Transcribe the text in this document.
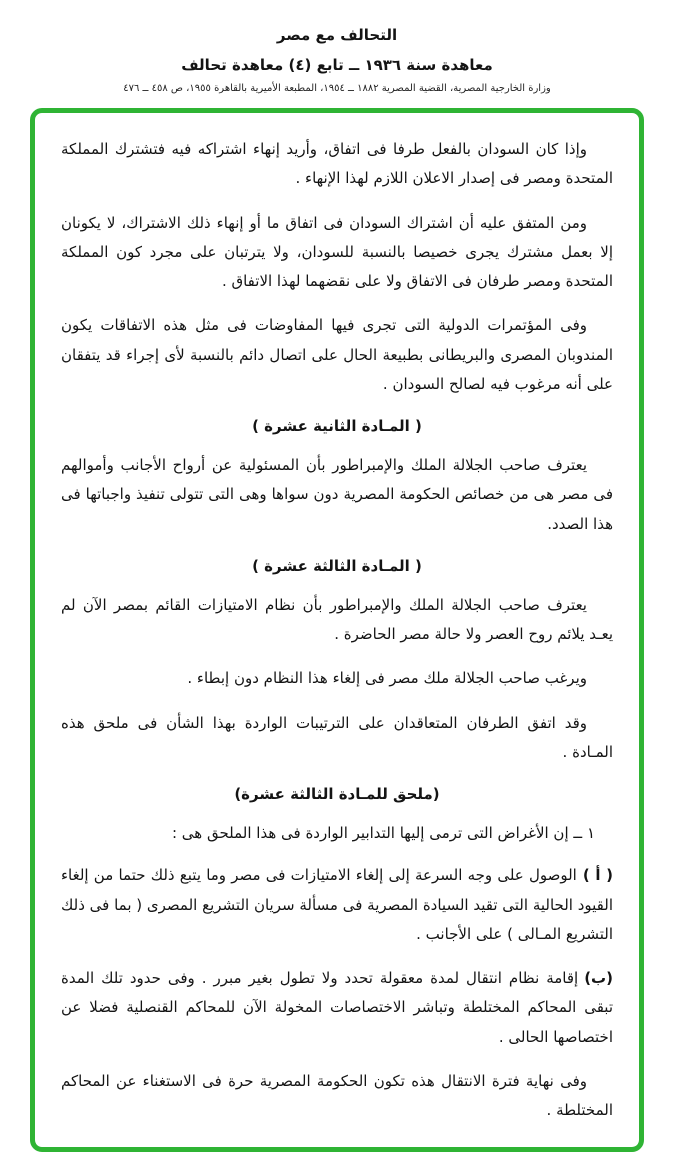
التحالف مع مصر
معاهدة سنة ١٩٣٦ ــ تابع (٤) معاهدة تحالف
وزارة الخارجية المصرية، القضية المصرية ١٨٨٢ ــ ١٩٥٤، المطبعة الأميرية بالقاهرة ١٩٥٥، ص ٤٥٨ ــ ٤٧٦

وإذا كان السودان بالفعل طرفا فى اتفاق، وأريد إنهاء اشتراكه فيه فتشترك المملكة المتحدة ومصر فى إصدار الاعلان اللازم لهذا الإنهاء .

ومن المتفق عليه أن اشتراك السودان فى اتفاق ما أو إنهاء ذلك الاشتراك، لا يكونان إلا بعمل مشترك يجرى خصيصا بالنسبة للسودان، ولا يترتبان على مجرد كون المملكة المتحدة ومصر طرفان فى الاتفاق ولا على نقضهما لهذا الاتفاق .

وفى المؤتمرات الدولية التى تجرى فيها المفاوضات فى مثل هذه الاتفاقات يكون المندوبان المصرى والبريطانى بطبيعة الحال على اتصال دائم بالنسبة لأى إجراء قد يتفقان على أنه مرغوب فيه لصالح السودان .

( المـادة الثانية عشرة )

يعترف صاحب الجلالة الملك والإمبراطور بأن المسئولية عن أرواح الأجانب وأموالهم فى مصر هى من خصائص الحكومة المصرية دون سواها وهى التى تتولى تنفيذ واجباتها فى هذا الصدد.

( المـادة الثالثة عشرة )

يعترف صاحب الجلالة الملك والإمبراطور بأن نظام الامتيازات القائم بمصر الآن لم يعـد يلائم روح العصر ولا حالة مصر الحاضرة .

ويرغب صاحب الجلالة ملك مصر فى إلغاء هذا النظام دون إبطاء .

وقد اتفق الطرفان المتعاقدان على الترتيبات الواردة بهذا الشأن فى ملحق هذه المـادة .

(ملحق للمـادة الثالثة عشرة)

١ ــ إن الأغراض التى ترمى إليها التدابير الواردة فى هذا الملحق هى :

( أ )الوصول على وجه السرعة إلى إلغاء الامتيازات فى مصر وما يتبع ذلك حتما من إلغاء القيود الحالية التى تقيد السيادة المصرية فى مسألة سريان التشريع المصرى ( بما فى ذلك التشريع المـالى ) على الأجانب .

(ب)إقامة نظام انتقال لمدة معقولة تحدد ولا تطول بغير مبرر . وفى حدود تلك المدة تبقى المحاكم المختلطة وتباشر الاختصاصات المخولة الآن للمحاكم القنصلية فضلا عن اختصاصها الحالى .

وفى نهاية فترة الانتقال هذه تكون الحكومة المصرية حرة فى الاستغناء عن المحاكم المختلطة .
